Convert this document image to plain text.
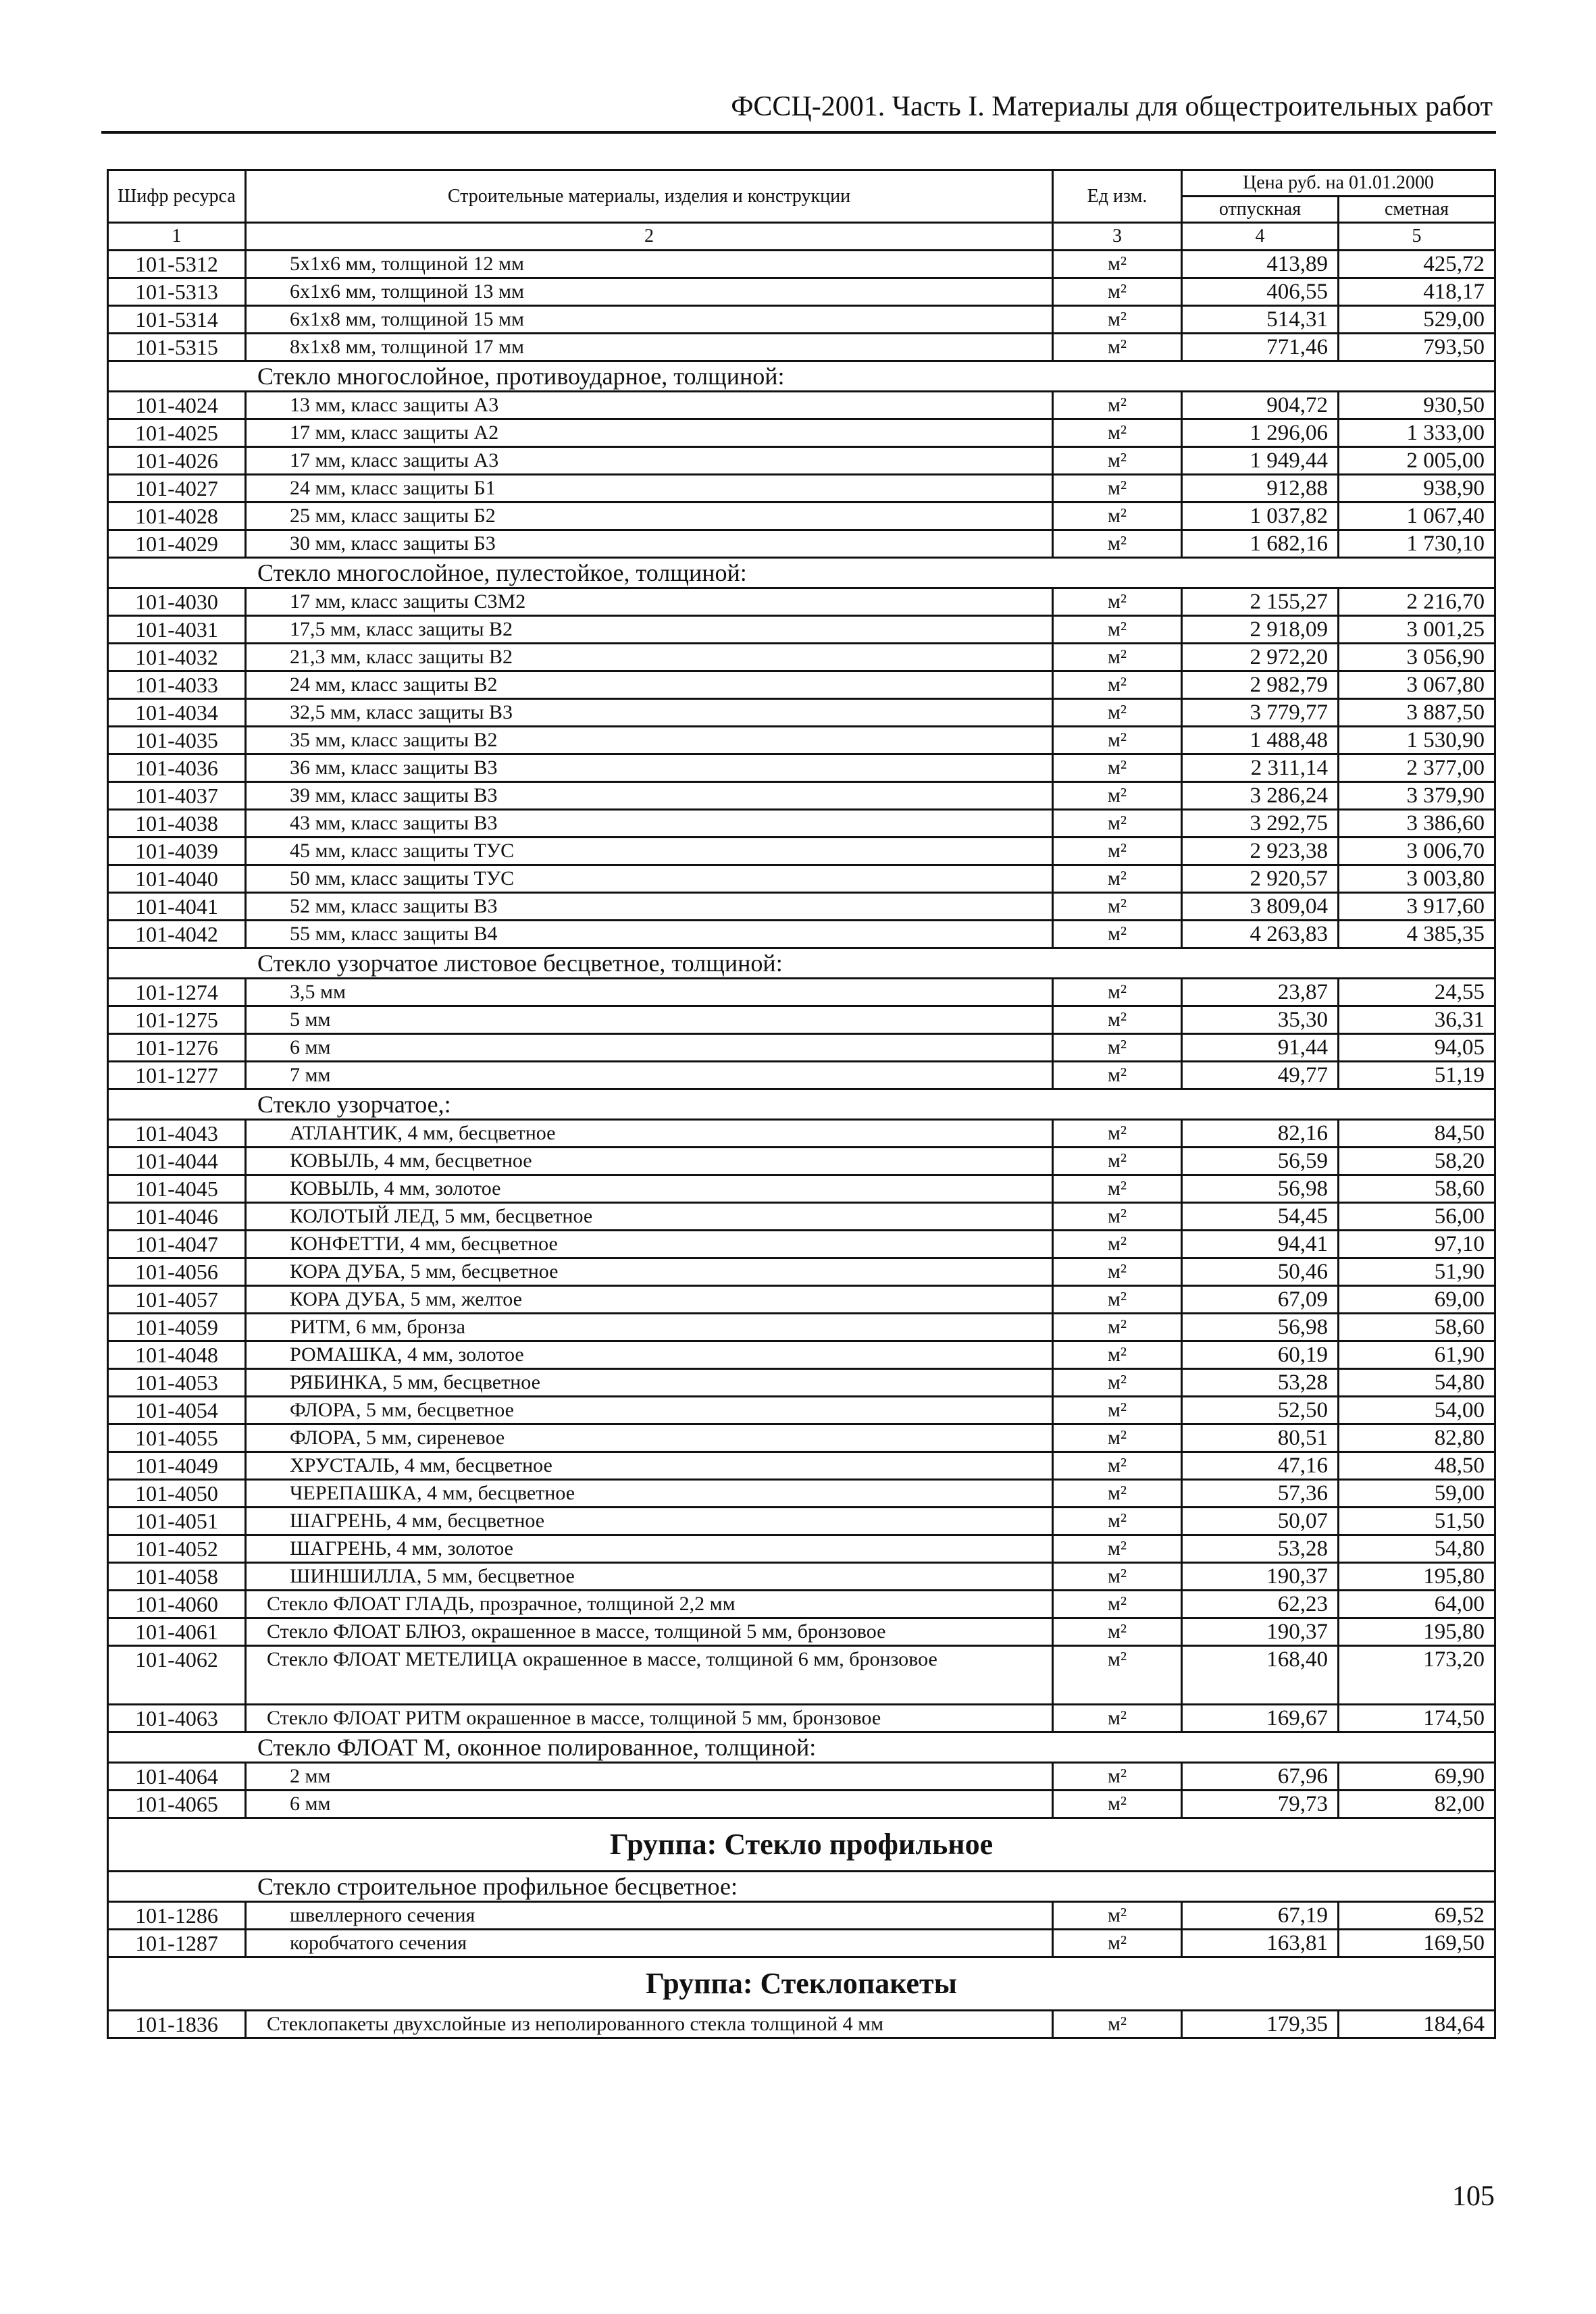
ФССЦ-2001. Часть I. Материалы для общестроительных работ
Шифр ресурса	Строительные материалы, изделия и конструкции	Ед изм.	Цена руб. на 01.01.2000	
			отпускная	сметная
1	2	3	4	5
101-5312	5х1х6 мм, толщиной 12 мм	м²	413,89	425,72
101-5313	6х1х6 мм, толщиной 13 мм	м²	406,55	418,17
101-5314	6х1х8 мм, толщиной 15 мм	м²	514,31	529,00
101-5315	8х1х8 мм, толщиной 17 мм	м²	771,46	793,50
Стекло многослойное, противоударное, толщиной:				
101-4024	13 мм, класс защиты А3	м²	904,72	930,50
101-4025	17 мм, класс защиты А2	м²	1 296,06	1 333,00
101-4026	17 мм, класс защиты А3	м²	1 949,44	2 005,00
101-4027	24 мм, класс защиты Б1	м²	912,88	938,90
101-4028	25 мм, класс защиты Б2	м²	1 037,82	1 067,40
101-4029	30 мм, класс защиты Б3	м²	1 682,16	1 730,10
Стекло многослойное, пулестойкое, толщиной:				
101-4030	17 мм, класс защиты С3М2	м²	2 155,27	2 216,70
101-4031	17,5 мм, класс защиты В2	м²	2 918,09	3 001,25
101-4032	21,3 мм, класс защиты В2	м²	2 972,20	3 056,90
101-4033	24 мм, класс защиты В2	м²	2 982,79	3 067,80
101-4034	32,5 мм, класс защиты В3	м²	3 779,77	3 887,50
101-4035	35 мм, класс защиты В2	м²	1 488,48	1 530,90
101-4036	36 мм, класс защиты В3	м²	2 311,14	2 377,00
101-4037	39 мм, класс защиты В3	м²	3 286,24	3 379,90
101-4038	43 мм, класс защиты В3	м²	3 292,75	3 386,60
101-4039	45 мм, класс защиты ТУС	м²	2 923,38	3 006,70
101-4040	50 мм, класс защиты ТУС	м²	2 920,57	3 003,80
101-4041	52 мм, класс защиты В3	м²	3 809,04	3 917,60
101-4042	55 мм, класс защиты В4	м²	4 263,83	4 385,35
Стекло узорчатое листовое бесцветное, толщиной:				
101-1274	3,5 мм	м²	23,87	24,55
101-1275	5 мм	м²	35,30	36,31
101-1276	6 мм	м²	91,44	94,05
101-1277	7 мм	м²	49,77	51,19
Стекло узорчатое,:				
101-4043	АТЛАНТИК, 4 мм, бесцветное	м²	82,16	84,50
101-4044	КОВЫЛЬ, 4 мм, бесцветное	м²	56,59	58,20
101-4045	КОВЫЛЬ, 4 мм, золотое	м²	56,98	58,60
101-4046	КОЛОТЫЙ ЛЕД, 5 мм, бесцветное	м²	54,45	56,00
101-4047	КОНФЕТТИ, 4 мм, бесцветное	м²	94,41	97,10
101-4056	КОРА ДУБА, 5 мм, бесцветное	м²	50,46	51,90
101-4057	КОРА ДУБА, 5 мм, желтое	м²	67,09	69,00
101-4059	РИТМ, 6 мм, бронза	м²	56,98	58,60
101-4048	РОМАШКА, 4 мм, золотое	м²	60,19	61,90
101-4053	РЯБИНКА, 5 мм, бесцветное	м²	53,28	54,80
101-4054	ФЛОРА, 5 мм, бесцветное	м²	52,50	54,00
101-4055	ФЛОРА, 5 мм, сиреневое	м²	80,51	82,80
101-4049	ХРУСТАЛЬ, 4 мм, бесцветное	м²	47,16	48,50
101-4050	ЧЕРЕПАШКА, 4 мм, бесцветное	м²	57,36	59,00
101-4051	ШАГРЕНЬ, 4 мм, бесцветное	м²	50,07	51,50
101-4052	ШАГРЕНЬ, 4 мм, золотое	м²	53,28	54,80
101-4058	ШИНШИЛЛА, 5 мм, бесцветное	м²	190,37	195,80
101-4060	Стекло ФЛОАТ ГЛАДЬ, прозрачное, толщиной 2,2 мм	м²	62,23	64,00
101-4061	Стекло ФЛОАТ БЛЮЗ, окрашенное в массе, толщиной 5 мм, бронзовое	м²	190,37	195,80
101-4062	Стекло ФЛОАТ МЕТЕЛИЦА окрашенное в массе, толщиной 6 мм, бронзовое	м²	168,40	173,20
101-4063	Стекло ФЛОАТ РИТМ окрашенное в массе, толщиной 5 мм, бронзовое	м²	169,67	174,50
Стекло ФЛОАТ М, оконное полированное, толщиной:				
101-4064	2 мм	м²	67,96	69,90
101-4065	6 мм	м²	79,73	82,00
Группа: Стекло профильное				
Стекло строительное профильное бесцветное:				
101-1286	швеллерного сечения	м²	67,19	69,52
101-1287	коробчатого сечения	м²	163,81	169,50
Группа: Стеклопакеты				
101-1836	Стеклопакеты двухслойные из неполированного стекла толщиной 4 мм	м²	179,35	184,64
105
